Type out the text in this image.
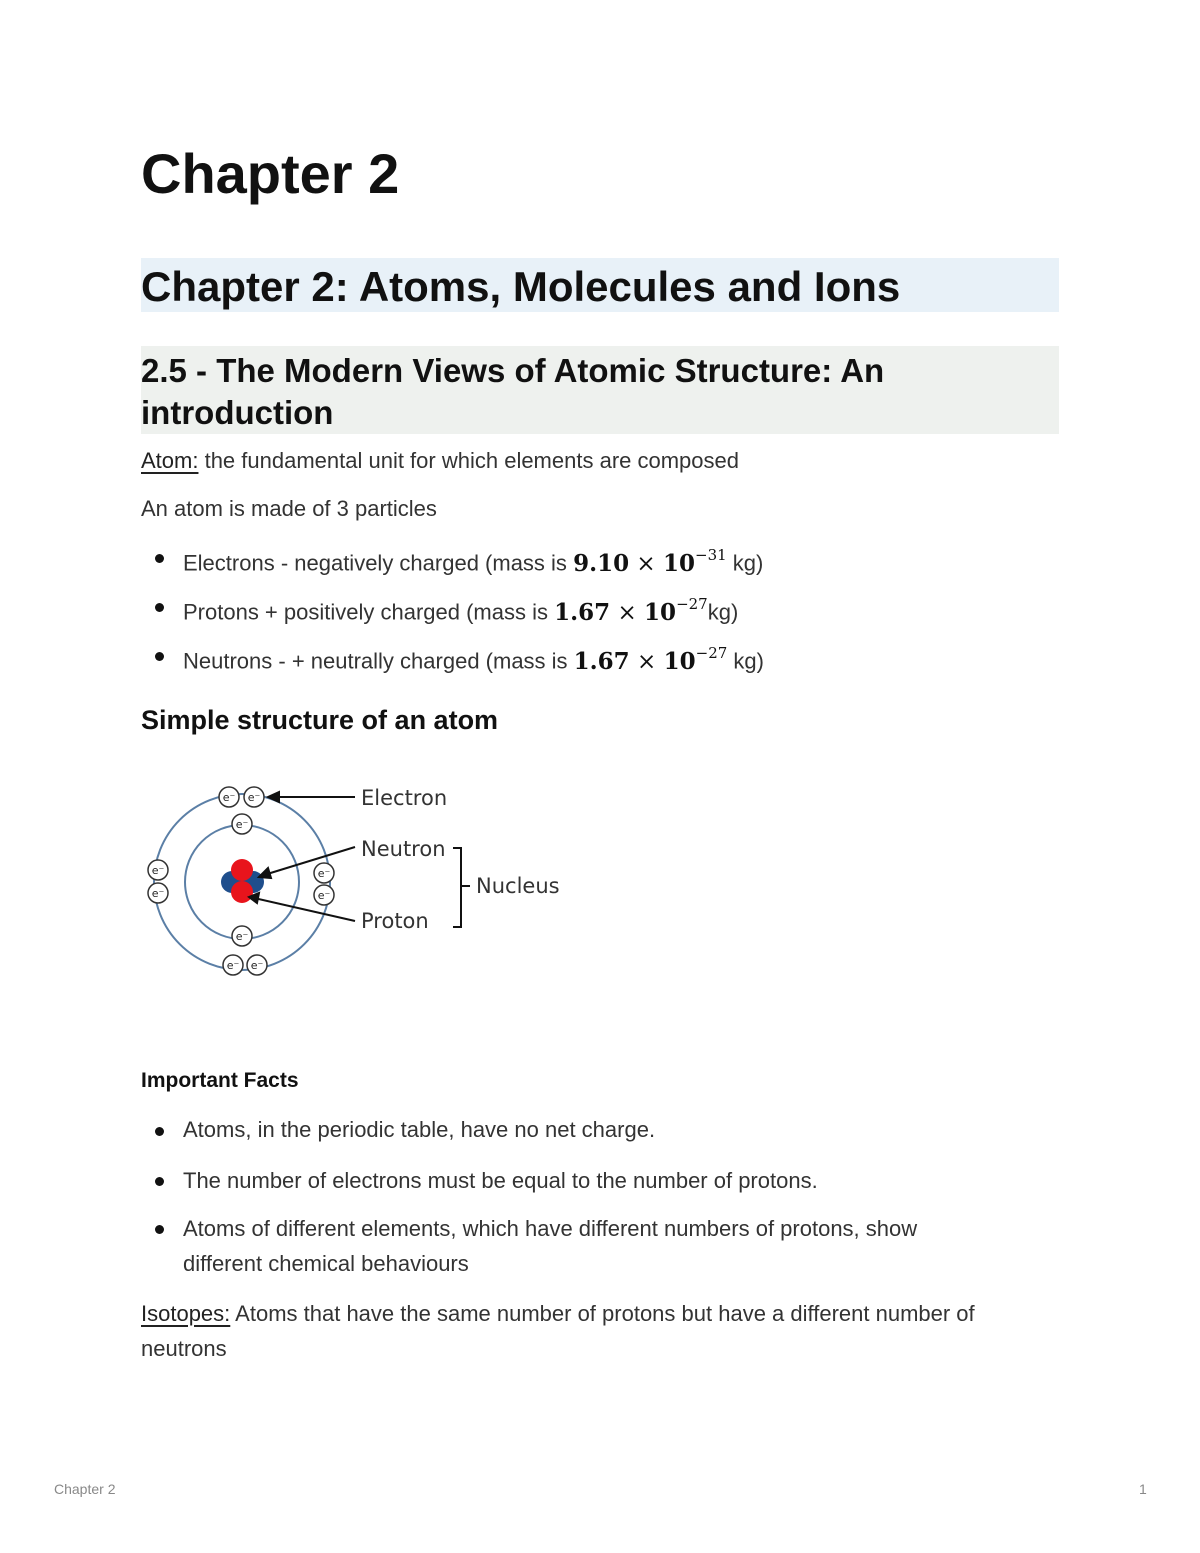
Chapter 2
Chapter 2: Atoms, Molecules and Ions
2.5 - The Modern Views of Atomic Structure: An introduction

Atom: the fundamental unit for which elements are composed

An atom is made of 3 particles

Electrons - negatively charged (mass is $9.10 \times 10^{-31}$ kg)

Protons + positively charged (mass is $1.67 \times 10^{-27}kg$)

Neutrons - + neutrally charged (mass is $1.67 \times 10^{-27}$ kg)

Simple structure of an atom
e⁻ e⁻
e⁻
e⁻
e⁻
e⁻
e⁻
e⁻
e⁻ e⁻
Electron
Neutron
Proton
Nucleus
Important Facts

Atoms, in the periodic table, have no net charge.

The number of electrons must be equal to the number of protons.

Atoms of different elements, which have different numbers of protons, show

different chemical behaviours

Isotopes: Atoms that have the same number of protons but have a different number of

neutrons

Chapter 2	1
